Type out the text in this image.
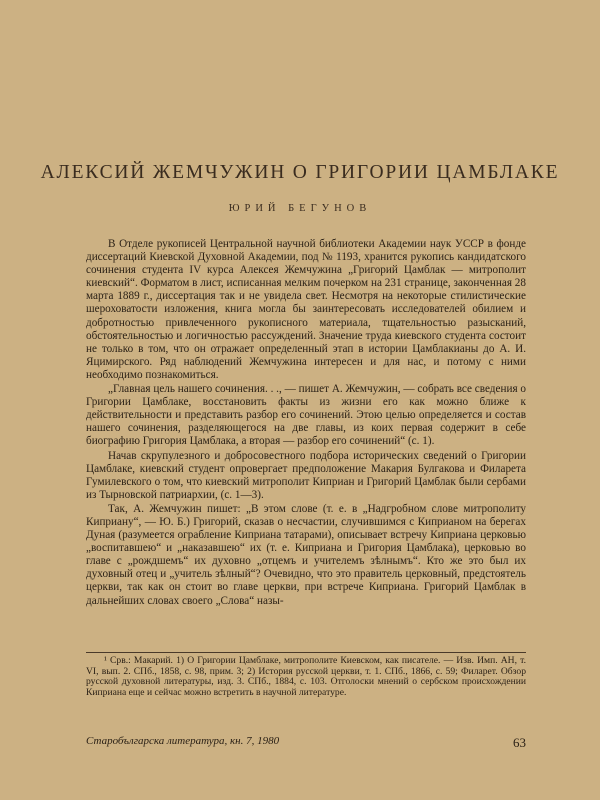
АЛЕКСИЙ ЖЕМЧУЖИН О ГРИГОРИИ ЦАМБЛАКЕ
ЮРИЙ БЕГУНОВ

В Отделе рукописей Центральной научной библиотеки Академии наук УССР в фонде диссертаций Киевской Духовной Академии, под № 1193, хранится рукопись кандидатского сочинения студента IV курса Алексея Жемчужина „Григорий Цамблак — митрополит киевский“. Форматом в лист, исписанная мелким почерком на 231 странице, законченная 28 марта 1889 г., диссертация так и не увидела свет. Несмотря на некоторые стилистические шероховатости изложения, книга могла бы заинтересовать исследователей обилием и добротностью привлеченного рукописного материала, тщательностью разысканий, обстоятельностью и логичностью рассуждений. Значение труда киевского студента состоит не только в том, что он отражает определенный этап в истории Цамблакианы до А. И. Яцимирского. Ряд наблюдений Жемчужина интересен и для нас, и потому с ними необходимо познакомиться.

„Главная цель нашего сочинения. . ., — пишет А. Жемчужин, — собрать все сведения о Григории Цамблаке, восстановить факты из жизни его как можно ближе к действительности и представить разбор его сочинений. Этою целью определяется и состав нашего сочинения, разделяющегося на две главы, из коих первая содержит в себе биографию Григория Цамблака, а вторая — разбор его сочинений“ (с. 1).

Начав скрупулезного и добросовестного подбора исторических сведений о Григории Цамблаке, киевский студент опровергает предположение Макария Булгакова и Филарета Гумилевского о том, что киевский митрополит Киприан и Григорий Цамблак были сербами из Тырновской патриархии, (с. 1—3).

Так, А. Жемчужин пишет: „В этом слове (т. е. в „Надгробном слове митрополиту Киприану“, — Ю. Б.) Григорий, сказав о несчастии, случившимся с Киприаном на берегах Дуная (разумеется ограбление Киприана татарами), описывает встречу Киприана церковью „воспитавшею“ и „наказавшею“ их (т. е. Киприана и Григория Цамблака), церковью во главе с „рождшемъ“ их духовно „отцемъ и учителемъ зѣлнымъ“. Кто же это был их духовный отец и „учитель зѣлный“? Очевидно, что это правитель церковный, предстоятель церкви, так как он стоит во главе церкви, при встрече Киприана. Григорий Цамблак в дальнейших словах своего „Слова“ назы-

¹ Срв.: Макарий. 1) О Григории Цамблаке, митрополите Киевском, как писателе. — Изв. Имп. АН, т. VI, вып. 2. СПб., 1858, с. 98, прим. 3; 2) История русской церкви, т. 1. СПб., 1866, с. 59; Филарет. Обзор русской духовной литературы, изд. 3. СПб., 1884, с. 103. Отголоски мнений о сербском происхождении Киприана еще и сейчас можно встретить в научной литературе.

Старобългарска литература, кн. 7, 1980	63
